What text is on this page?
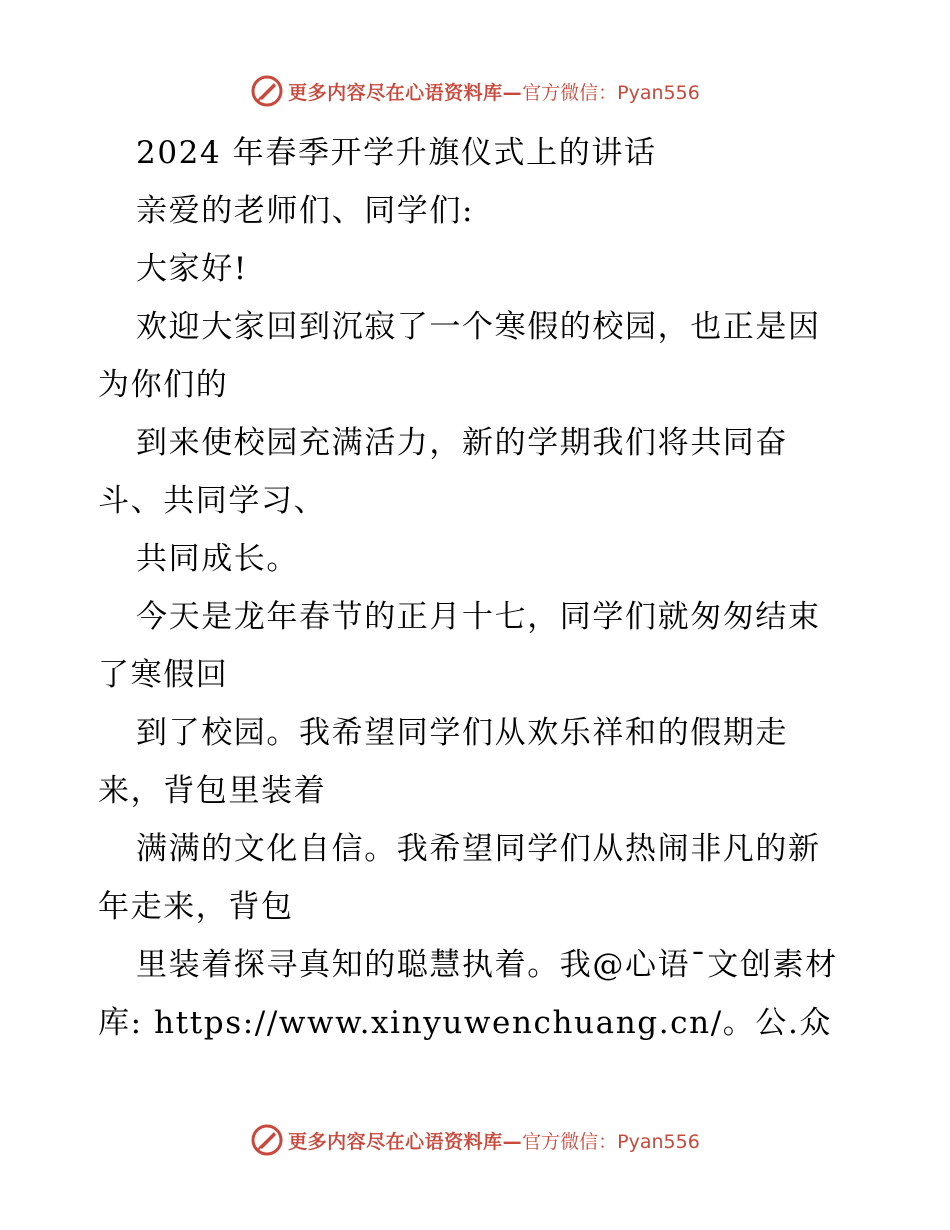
更多内容尽在心语资料库— 官方微信：Pyan556
2024 年春季开学升旗仪式上的讲话
亲爱的老师们、同学们:
大家好!
欢迎大家回到沉寂了一个寒假的校园，也正是因
为你们的
到来使校园充满活力，新的学期我们将共同奋
斗、共同学习、
共同成长。
今天是龙年春节的正月十七，同学们就匆匆结束
了寒假回
到了校园。我希望同学们从欢乐祥和的假期走
来，背包里装着
满满的文化自信。我希望同学们从热闹非凡的新
年走来，背包
里装着探寻真知的聪慧执着。我@心语¯文创素材
库: https://www.xinyuwenchuang.cn/。公.众
更多内容尽在心语资料库— 官方微信：Pyan556
